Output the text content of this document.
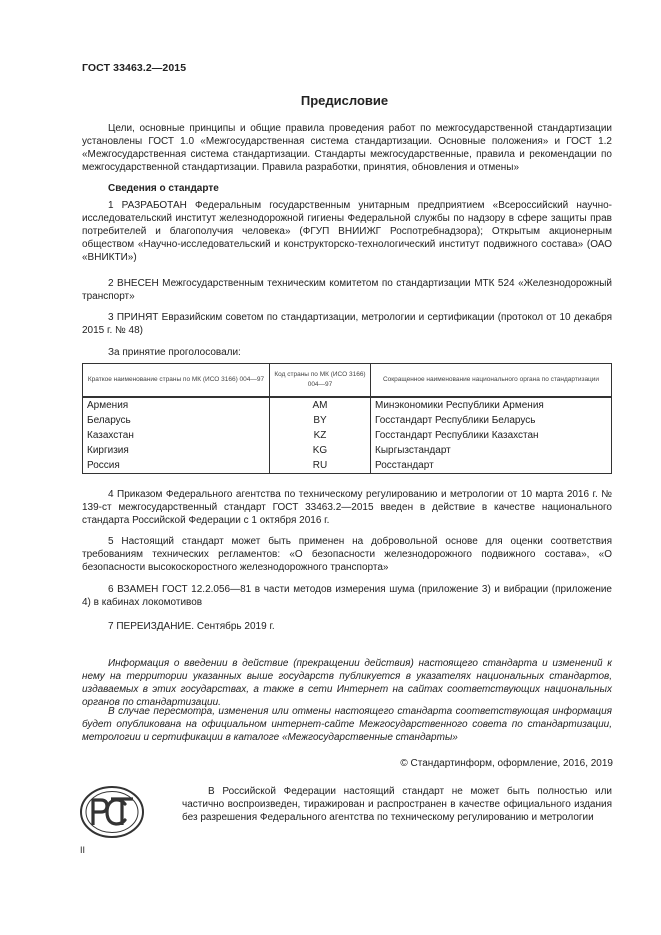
ГОСТ 33463.2—2015
Предисловие

Цели, основные принципы и общие правила проведения работ по межгосударственной стандартизации установлены ГОСТ 1.0 «Межгосударственная система стандартизации. Основные положения» и ГОСТ 1.2 «Межгосударственная система стандартизации. Стандарты межгосударственные, правила и рекомендации по межгосударственной стандартизации. Правила разработки, принятия, обновления и отмены»

Сведения о стандарте

1 РАЗРАБОТАН Федеральным государственным унитарным предприятием «Всероссийский научно-исследовательский институт железнодорожной гигиены Федеральной службы по надзору в сфере защиты прав потребителей и благополучия человека» (ФГУП ВНИИЖГ Роспотребнадзора); Открытым акционерным обществом «Научно-исследовательский и конструкторско-технологический институт подвижного состава» (ОАО «ВНИКТИ»)

2 ВНЕСЕН Межгосударственным техническим комитетом по стандартизации МТК 524 «Железнодорожный транспорт»

3 ПРИНЯТ Евразийским советом по стандартизации, метрологии и сертификации (протокол от 10 декабря 2015 г. № 48)

За принятие проголосовали:

Краткое наименование страны по МК (ИСО 3166) 004—97	Код страны по МК (ИСО 3166) 004—97	Сокращенное наименование национального органа по стандартизации
Армения	AM	Минэкономики Республики Армения
Беларусь	BY	Госстандарт Республики Беларусь
Казахстан	KZ	Госстандарт Республики Казахстан
Киргизия	KG	Кыргызстандарт
Россия	RU	Росстандарт

4 Приказом Федерального агентства по техническому регулированию и метрологии от 10 марта 2016 г. № 139-ст межгосударственный стандарт ГОСТ 33463.2—2015 введен в действие в качестве национального стандарта Российской Федерации с 1 октября 2016 г.

5 Настоящий стандарт может быть применен на добровольной основе для оценки соответствия требованиям технических регламентов: «О безопасности железнодорожного подвижного состава», «О безопасности высокоскоростного железнодорожного транспорта»

6 ВЗАМЕН ГОСТ 12.2.056—81 в части методов измерения шума (приложение 3) и вибрации (приложение 4) в кабинах локомотивов

7 ПЕРЕИЗДАНИЕ. Сентябрь 2019 г.

Информация о введении в действие (прекращении действия) настоящего стандарта и изменений к нему на территории указанных выше государств публикуется в указателях национальных стандартов, издаваемых в этих государствах, а также в сети Интернет на сайтах соответствующих национальных органов по стандартизации.

В случае пересмотра, изменения или отмены настоящего стандарта соответствующая информация будет опубликована на официальном интернет-сайте Межгосударственного совета по стандартизации, метрологии и сертификации в каталоге «Межгосударственные стандарты»

© Стандартинформ, оформление, 2016, 2019

В Российской Федерации настоящий стандарт не может быть полностью или частично воспроизведен, тиражирован и распространен в качестве официального издания без разрешения Федерального агентства по техническому регулированию и метрологии

II
